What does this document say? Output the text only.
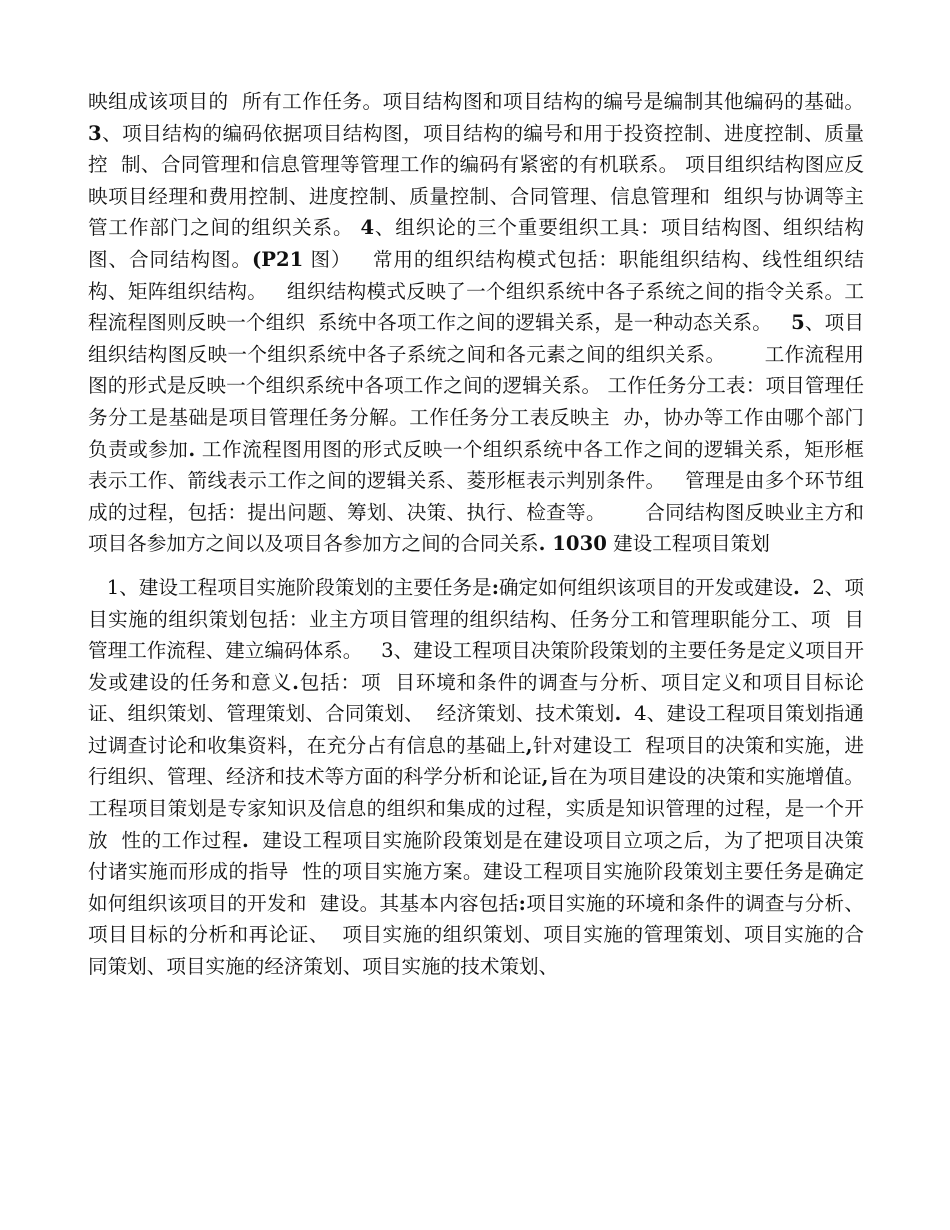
映组成该项目的  所有工作任务。项目结构图和项目结构的编号是编制其他编码的基础。   3、项目结构的编码依据项目结构图，项目结构的编号和用于投资控制、进度控制、质量控  制、合同管理和信息管理等管理工作的编码有紧密的有机联系。 项目组织结构图应反映项目经理和费用控制、进度控制、质量控制、合同管理、信息管理和  组织与协调等主管工作部门之间的组织关系。 4、组织论的三个重要组织工具：项目结构图、组织结构图、合同结构图。(P21 图）   常用的组织结构模式包括：职能组织结构、线性组织结构、矩阵组织结构。   组织结构模式反映了一个组织系统中各子系统之间的指令关系。工程流程图则反映一个组织  系统中各项工作之间的逻辑关系，是一种动态关系。   5、项目组织结构图反映一个组织系统中各子系统之间和各元素之间的组织关系。      工作流程用图的形式是反映一个组织系统中各项工作之间的逻辑关系。 工作任务分工表：项目管理任务分工是基础是项目管理任务分解。工作任务分工表反映主  办，协办等工作由哪个部门负责或参加. 工作流程图用图的形式反映一个组织系统中各工作之间的逻辑关系，矩形框表示工作、箭线表示工作之间的逻辑关系、菱形框表示判别条件。   管理是由多个环节组成的过程，包括：提出问题、筹划、决策、执行、检查等。      合同结构图反映业主方和项目各参加方之间以及项目各参加方之间的合同关系. 1030 建设工程项目策划

1、建设工程项目实施阶段策划的主要任务是:确定如何组织该项目的开发或建设.  2、项目实施的组织策划包括：业主方项目管理的组织结构、任务分工和管理职能分工、项  目管理工作流程、建立编码体系。   3、建设工程项目决策阶段策划的主要任务是定义项目开发或建设的任务和意义.包括：项  目环境和条件的调查与分析、项目定义和项目目标论证、组织策划、管理策划、合同策划、  经济策划、技术策划.  4、建设工程项目策划指通过调查讨论和收集资料，在充分占有信息的基础上,针对建设工  程项目的决策和实施，进行组织、管理、经济和技术等方面的科学分析和论证,旨在为项目建设的决策和实施增值。   工程项目策划是专家知识及信息的组织和集成的过程，实质是知识管理的过程，是一个开放  性的工作过程.  建设工程项目实施阶段策划是在建设项目立项之后，为了把项目决策付诸实施而形成的指导  性的项目实施方案。建设工程项目实施阶段策划主要任务是确定如何组织该项目的开发和  建设。其基本内容包括:项目实施的环境和条件的调查与分析、项目目标的分析和再论证、  项目实施的组织策划、项目实施的管理策划、项目实施的合同策划、项目实施的经济策划、项目实施的技术策划、
